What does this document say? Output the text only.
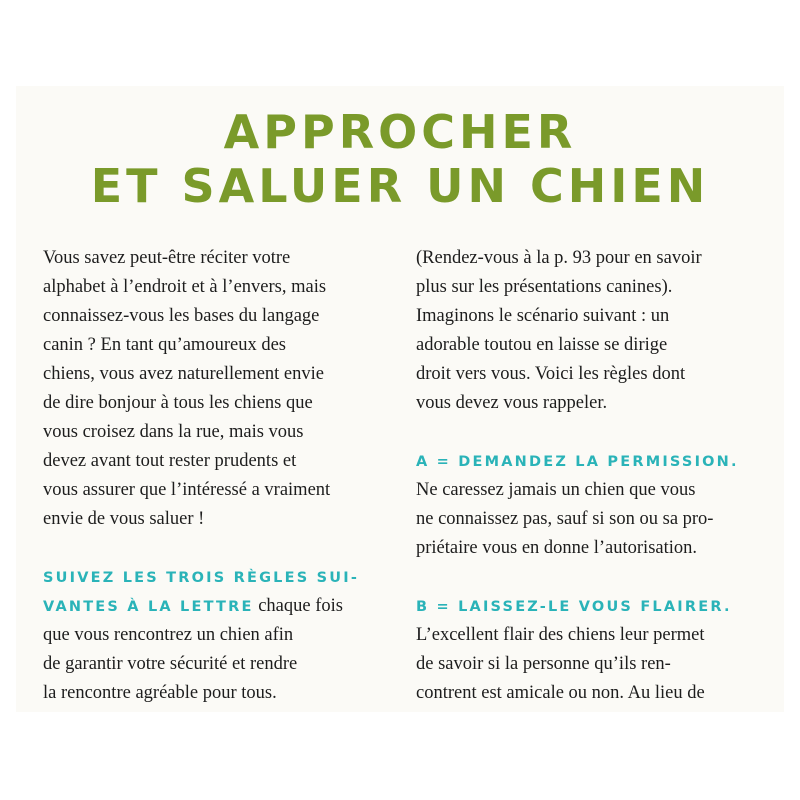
APPROCHER
ET SALUER UN CHIEN
Vous savez peut-être réciter votre
alphabet à l’endroit et à l’envers, mais
connaissez-vous les bases du langage
canin ? En tant qu’amoureux des
chiens, vous avez naturellement envie
de dire bonjour à tous les chiens que
vous croisez dans la rue, mais vous
devez avant tout rester prudents et
vous assurer que l’intéressé a vraiment
envie de vous saluer !
SUIVEZ LES TROIS RÈGLES SUI-
VANTES À LA LETTRE chaque fois
que vous rencontrez un chien afin
de garantir votre sécurité et rendre
la rencontre agréable pour tous.
(Rendez-vous à la p. 93 pour en savoir
plus sur les présentations canines).
Imaginons le scénario suivant : un
adorable toutou en laisse se dirige
droit vers vous. Voici les règles dont
vous devez vous rappeler.
A = DEMANDEZ LA PERMISSION.
Ne caressez jamais un chien que vous
ne connaissez pas, sauf si son ou sa pro-
priétaire vous en donne l’autorisation.
B = LAISSEZ-LE VOUS FLAIRER.
L’excellent flair des chiens leur permet
de savoir si la personne qu’ils ren-
contrent est amicale ou non. Au lieu de
